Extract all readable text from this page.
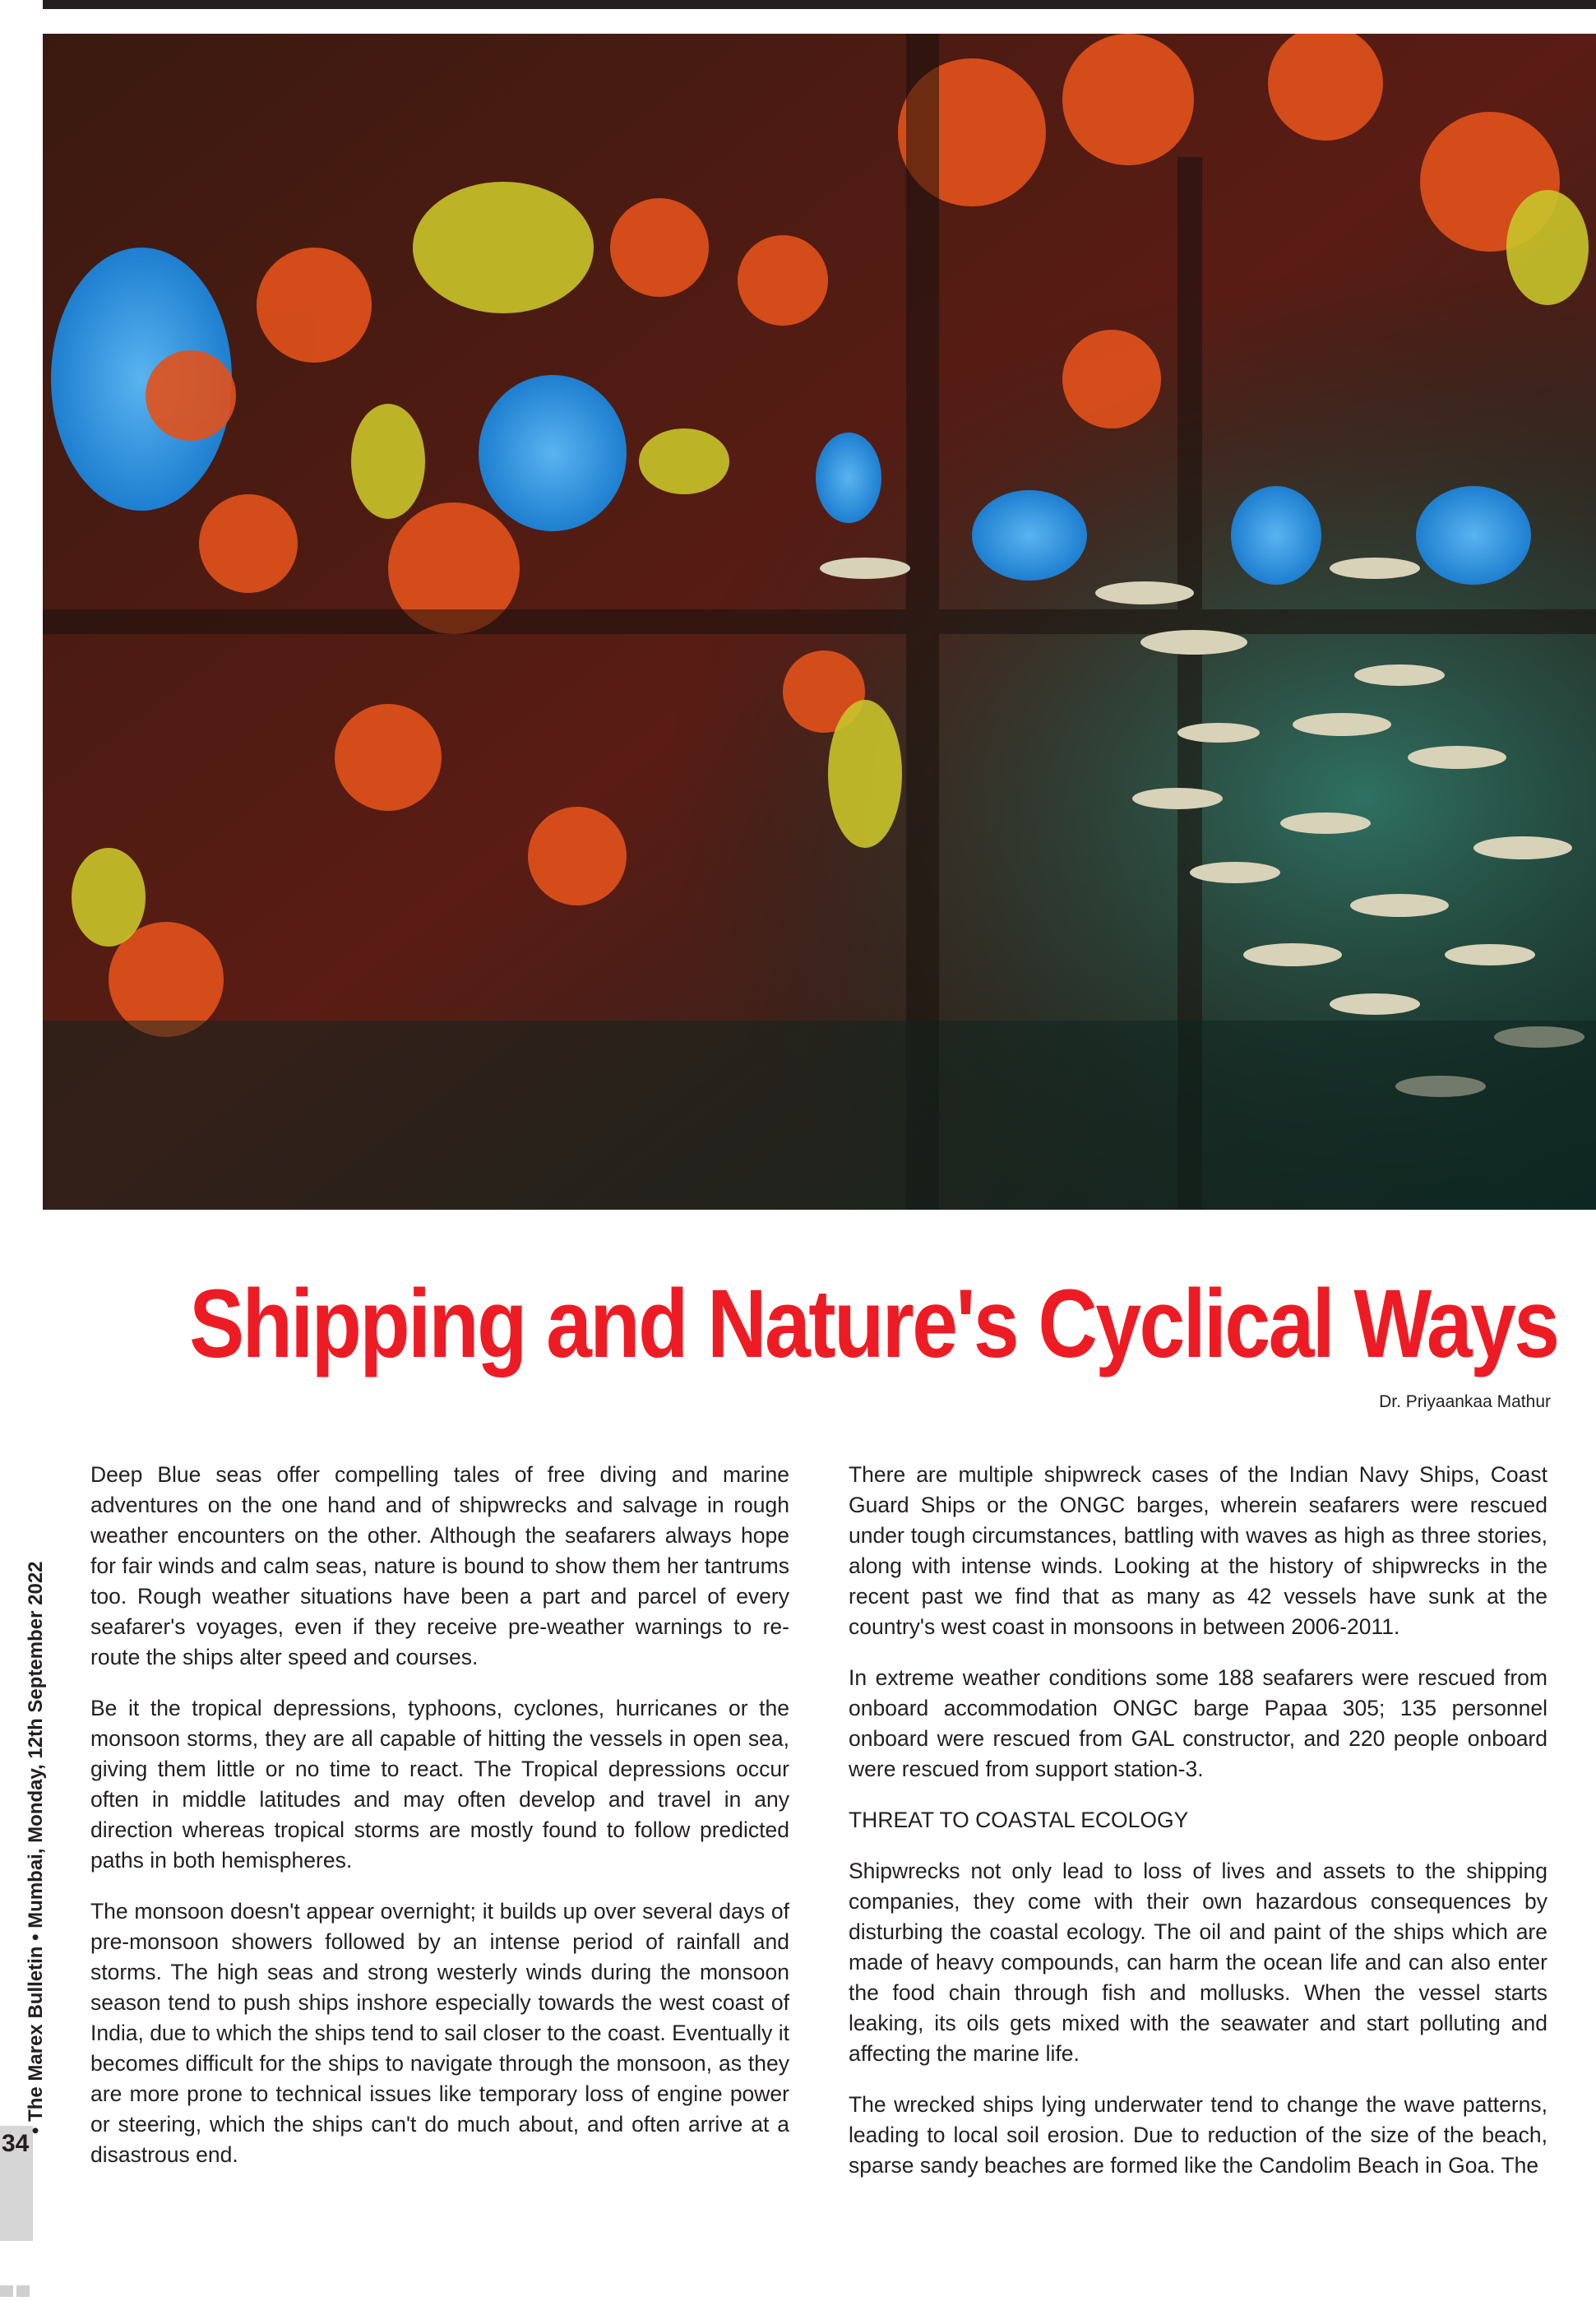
Shipping and Nature's Cyclical Ways

Dr. Priyaankaa Mathur

Deep Blue seas offer compelling tales of free diving and marine adventures on the one hand and of shipwrecks and salvage in rough weather encounters on the other. Although the seafarers always hope for fair winds and calm seas, nature is bound to show them her tantrums too. Rough weather situations have been a part and parcel of every seafarer's voyages, even if they receive pre-weather warnings to re-route the ships alter speed and courses.

Be it the tropical depressions, typhoons, cyclones, hurricanes or the monsoon storms, they are all capable of hitting the vessels in open sea, giving them little or no time to react. The Tropical depressions occur often in middle latitudes and may often develop and travel in any direction whereas tropical storms are mostly found to follow predicted paths in both hemispheres.

The monsoon doesn't appear overnight; it builds up over several days of pre-monsoon showers followed by an intense period of rainfall and storms. The high seas and strong westerly winds during the monsoon season tend to push ships inshore especially towards the west coast of India, due to which the ships tend to sail closer to the coast. Eventually it becomes difficult for the ships to navigate through the monsoon, as they are more prone to technical issues like temporary loss of engine power or steering, which the ships can't do much about, and often arrive at a disastrous end.

There are multiple shipwreck cases of the Indian Navy Ships, Coast Guard Ships or the ONGC barges, wherein seafarers were rescued under tough circumstances, battling with waves as high as three stories, along with intense winds. Looking at the history of shipwrecks in the recent past we find that as many as 42 vessels have sunk at the country's west coast in monsoons in between 2006-2011.

In extreme weather conditions some 188 seafarers were rescued from onboard accommodation ONGC barge Papaa 305; 135 personnel onboard were rescued from GAL constructor, and 220 people onboard were rescued from support station-3.

THREAT TO COASTAL ECOLOGY

Shipwrecks not only lead to loss of lives and assets to the shipping companies, they come with their own hazardous consequences by disturbing the coastal ecology. The oil and paint of the ships which are made of heavy compounds, can harm the ocean life and can also enter the food chain through fish and mollusks. When the vessel starts leaking, its oils gets mixed with the seawater and start polluting and affecting the marine life.

The wrecked ships lying underwater tend to change the wave patterns, leading to local soil erosion. Due to reduction of the size of the beach, sparse sandy beaches are formed like the Candolim Beach in Goa. The

34
• The Marex Bulletin • Mumbai, Monday, 12th September 2022
